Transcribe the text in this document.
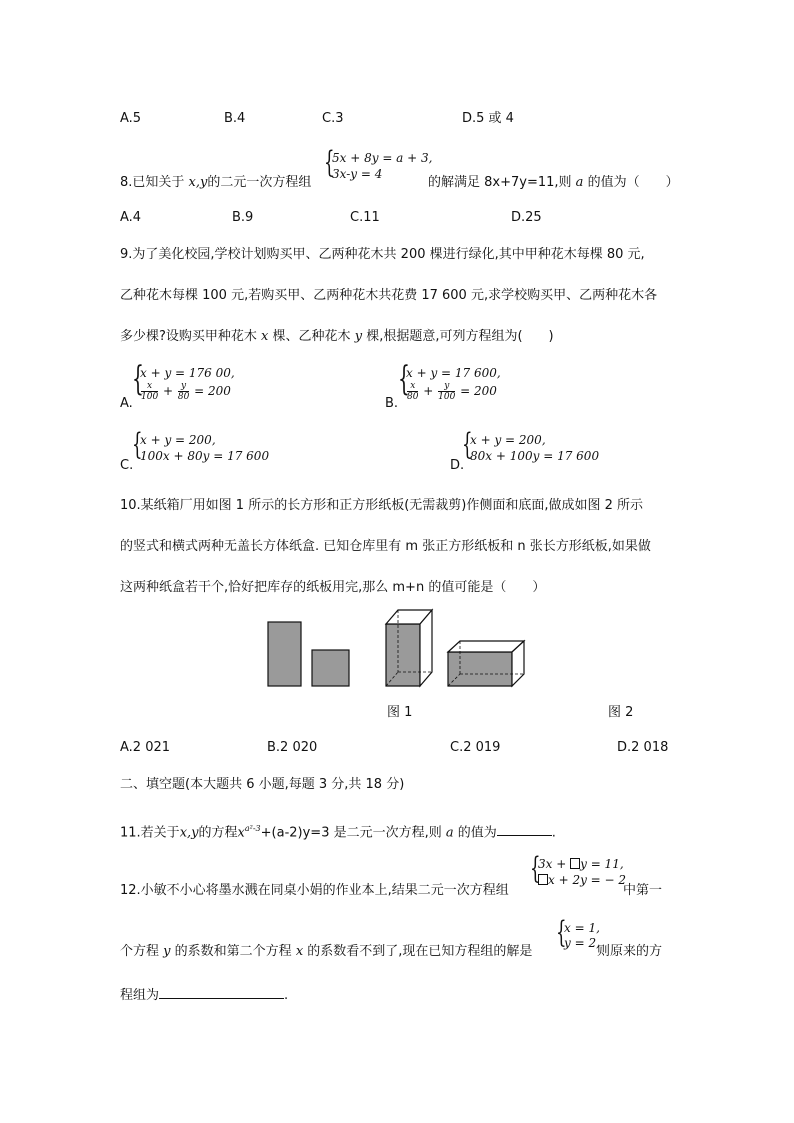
A.5	B.4	C.3	D.5 或 4
8.已知关于 x,y的二元一次方程组
{
5x + 8y = a + 3,
3x-y = 4
的解满足 8x+7y=11,则 a 的值为（　　）
A.4	B.9	C.11	D.25
9.为了美化校园,学校计划购买甲、乙两种花木共 200 棵进行绿化,其中甲种花木每棵 80 元,
乙种花木每棵 100 元,若购买甲、乙两种花木共花费 17 600 元,求学校购买甲、乙两种花木各
多少棵?设购买甲种花木 x 棵、乙种花木 y 棵,根据题意,可列方程组为(　　)
A.
{
x + y = 176 00,
$\frac{x}{100} + \frac{y}{80} = 200$
B.
{
x + y = 17 600,
$\frac{x}{80} + \frac{y}{100} = 200$
C.
{
x + y = 200,
100x + 80y = 17 600
D.
{
x + y = 200,
80x + 100y = 17 600
10.某纸箱厂用如图 1 所示的长方形和正方形纸板(无需裁剪)作侧面和底面,做成如图 2 所示
的竖式和横式两种无盖长方体纸盒. 已知仓库里有 m 张正方形纸板和 n 张长方形纸板,如果做
这两种纸盒若干个,恰好把库存的纸板用完,那么 m+n 的值可能是（　　）
图 1	图 2
A.2 021	B.2 020	C.2 019	D.2 018
二、填空题(本大题共 6 小题,每题 3 分,共 18 分)
11.若关于x,y的方程$x^{a^2-3}+(a-2)y=3$ 是二元一次方程,则 a 的值为	.
12.小敏不小心将墨水溅在同桌小娟的作业本上,结果二元一次方程组
{
3x + y = 11,
x + 2y = − 2
中第一
个方程 y 的系数和第二个方程 x 的系数看不到了,现在已知方程组的解是
{
x = 1,
y = 2,
则原来的方
程组为	.
